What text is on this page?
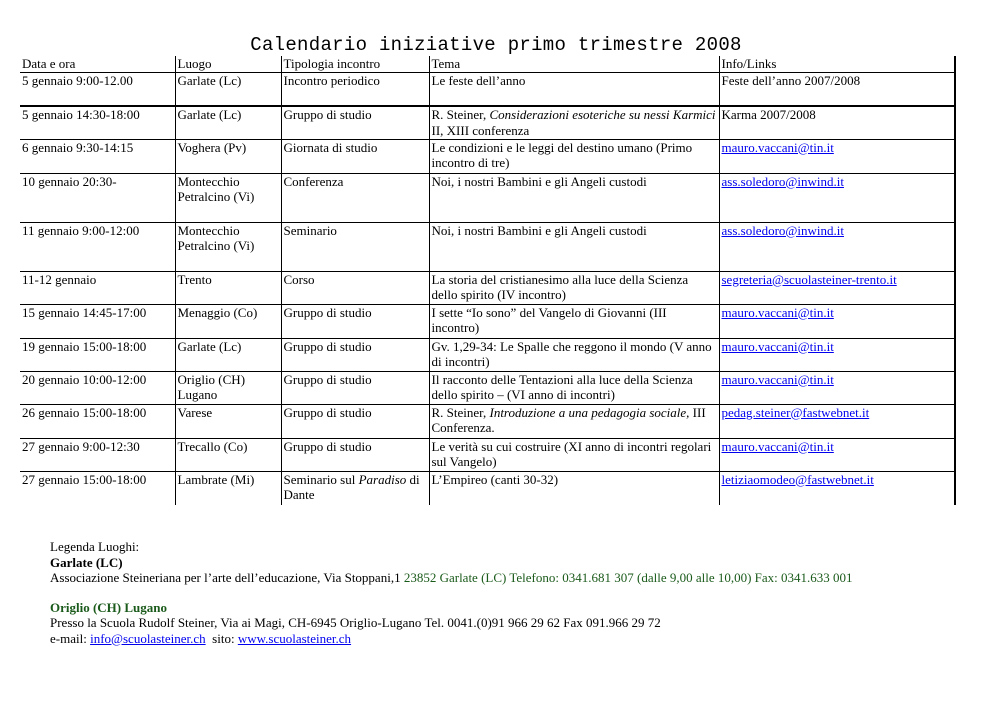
Calendario iniziative primo trimestre 2008
Data e ora	Luogo	Tipologia incontro	Tema	Info/Links
5 gennaio 9:00-12.00	Garlate (Lc)	Incontro periodico	Le feste dell’anno	Feste dell’anno 2007/2008
5 gennaio 14:30-18:00	Garlate (Lc)	Gruppo di studio	R. Steiner, Considerazioni esoteriche su nessi Karmici II, XIII conferenza	Karma 2007/2008
6 gennaio 9:30-14:15	Voghera (Pv)	Giornata di studio	Le condizioni e le leggi del destino umano (Primo incontro di tre)	mauro.vaccani@tin.it
10 gennaio 20:30-	Montecchio Petralcino (Vi)	Conferenza	Noi, i nostri Bambini e gli Angeli custodi	ass.soledoro@inwind.it
11 gennaio 9:00-12:00	Montecchio Petralcino (Vi)	Seminario	Noi, i nostri Bambini e gli Angeli custodi	ass.soledoro@inwind.it
11-12 gennaio	Trento	Corso	La storia del cristianesimo alla luce della Scienza dello spirito (IV incontro)	segreteria@scuolasteiner-trento.it
15 gennaio 14:45-17:00	Menaggio (Co)	Gruppo di studio	I sette “Io sono” del Vangelo di Giovanni (III incontro)	mauro.vaccani@tin.it
19 gennaio 15:00-18:00	Garlate (Lc)	Gruppo di studio	Gv. 1,29-34: Le Spalle che reggono il mondo (V anno di incontri)	mauro.vaccani@tin.it
20 gennaio 10:00-12:00	Origlio (CH) Lugano	Gruppo di studio	Il racconto delle Tentazioni alla luce della Scienza dello spirito – (VI anno di incontri)	mauro.vaccani@tin.it
26 gennaio 15:00-18:00	Varese	Gruppo di studio	R. Steiner, Introduzione a una pedagogia sociale, III Conferenza.	pedag.steiner@fastwebnet.it
27 gennaio 9:00-12:30	Trecallo (Co)	Gruppo di studio	Le verità su cui costruire (XI anno di incontri regolari sul Vangelo)	mauro.vaccani@tin.it
27 gennaio 15:00-18:00	Lambrate (Mi)	Seminario sul Paradiso di Dante	L’Empireo (canti 30-32)	letiziaomodeo@fastwebnet.it
Legenda Luoghi:
Garlate (LC)
Associazione Steineriana per l’arte dell’educazione, Via Stoppani,1 23852 Garlate (LC) Telefono: 0341.681 307 (dalle 9,00 alle 10,00) Fax: 0341.633 001
Origlio (CH) Lugano
Presso la Scuola Rudolf Steiner, Via ai Magi, CH-6945 Origlio-Lugano Tel. 0041.(0)91 966 29 62 Fax 091.966 29 72
e-mail: info@scuolasteiner.ch  sito: www.scuolasteiner.ch
